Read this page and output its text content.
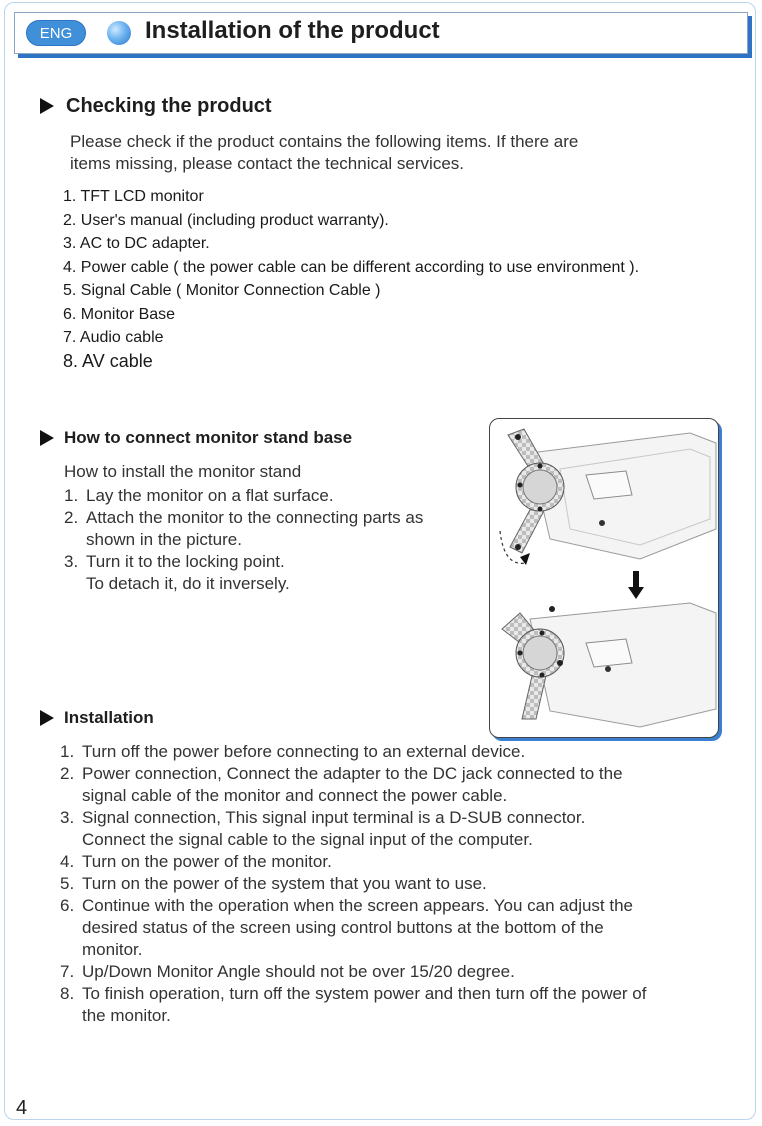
ENG	Installation of the product
Checking the product

Please check if the product contains the following items. If there are

items missing, please contact the technical services.

1. TFT LCD monitor
2. User's manual (including product warranty).
3. AC to DC adapter.
4. Power cable ( the power cable can be different according to use environment ).
5. Signal Cable ( Monitor Connection Cable )
6. Monitor Base
7. Audio cable
8. AV cable
How to connect monitor stand base

How to install the monitor stand

1. Lay the monitor on a flat surface.
2. Attach the monitor to the connecting parts as
shown in the picture.
3. Turn it to the locking point.
To detach it, do it inversely.
Installation
1. Turn off the power before connecting to an external device.
2. Power connection, Connect the adapter to the DC jack connected to the
signal cable of the monitor and connect the power cable.
3. Signal connection, This signal input terminal is a D-SUB connector.
Connect the signal cable to the signal input of the computer.
4. Turn on the power of the monitor.
5. Turn on the power of the system that you want to use.
6. Continue with the operation when the screen appears. You can adjust the
desired status of the screen using control buttons at the bottom of the
monitor.
7. Up/Down Monitor Angle should not be over 15/20 degree.
8. To finish operation, turn off the system power and then turn off the power of
the monitor.
4
